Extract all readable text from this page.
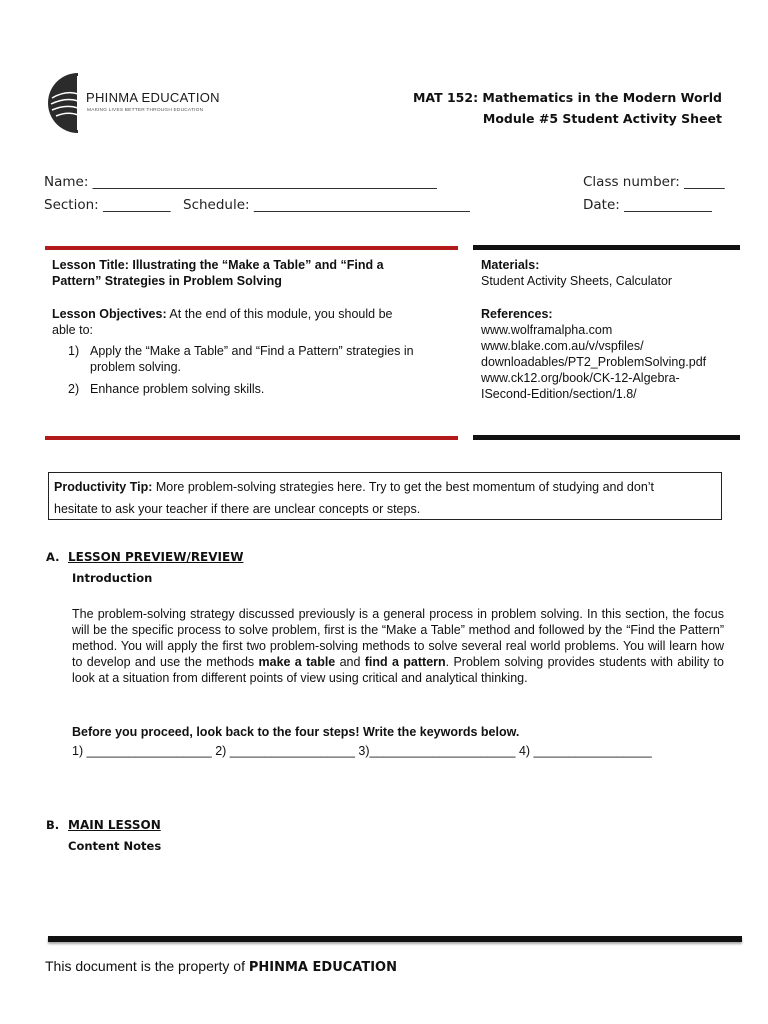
PHINMA EDUCATION
MAKING LIVES BETTER THROUGH EDUCATION
MAT 152: Mathematics in the Modern World
Module #5 Student Activity Sheet
Name: ___________________________________________________
Section: __________ Schedule: ________________________________
Class number: ______
Date: _____________
Lesson Title: Illustrating the “Make a Table” and “Find a
Pattern” Strategies in Problem Solving
Lesson Objectives: At the end of this module, you should be
able to:
1) Apply the “Make a Table” and “Find a Pattern” strategies in
problem solving.
2) Enhance problem solving skills.
Materials:
Student Activity Sheets, Calculator
References:
www.wolframalpha.com
www.blake.com.au/v/vspfiles/
downloadables/PT2_ProblemSolving.pdf
www.ck12.org/book/CK-12-Algebra-
ISecond-Edition/section/1.8/
Productivity Tip: More problem-solving strategies here. Try to get the best momentum of studying and don’t
hesitate to ask your teacher if there are unclear concepts or steps.
A. LESSON PREVIEW/REVIEW
Introduction
The problem-solving strategy discussed previously is a general process in problem solving. In this section, the focus will be the specific process to solve problem, first is the “Make a Table” method and followed by the “Find the Pattern” method. You will apply the first two problem-solving methods to solve several real world problems. You will learn how to develop and use the methods make a table and find a pattern. Problem solving provides students with ability to look at a situation from different points of view using critical and analytical thinking.
Before you proceed, look back to the four steps! Write the keywords below.
1) __________________ 2) __________________ 3)_____________________ 4) _________________
B. MAIN LESSON
Content Notes
This document is the property of PHINMA EDUCATION
